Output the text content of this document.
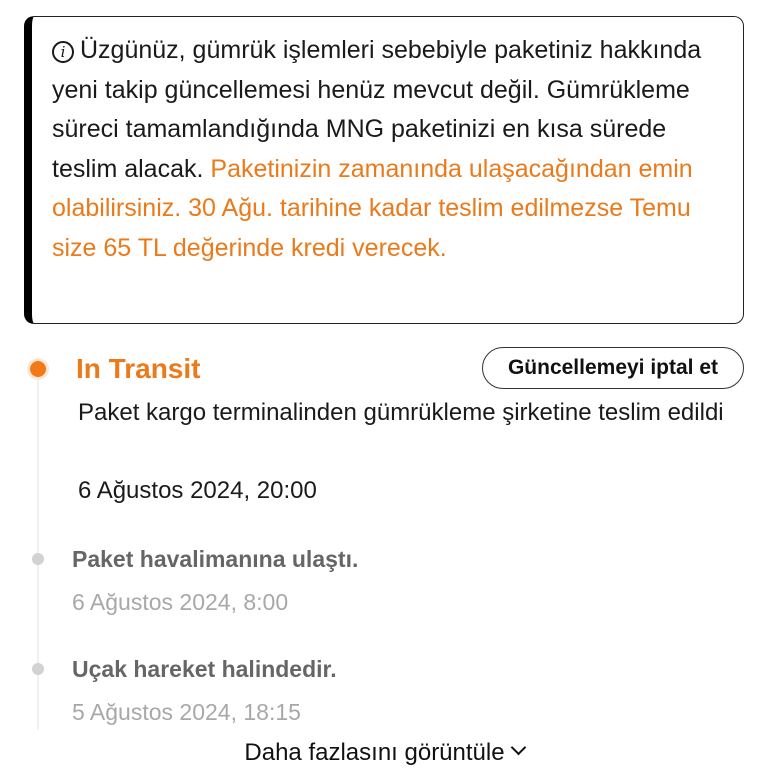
i Üzgünüz, gümrük işlemleri sebebiyle paketiniz hakkında yeni takip güncellemesi henüz mevcut değil. Gümrükleme süreci tamamlandığında MNG paketinizi en kısa sürede teslim alacak. Paketinizin zamanında ulaşacağından emin olabilirsiniz. 30 Ağu. tarihine kadar teslim edilmezse Temu size 65 TL değerinde kredi verecek.
In Transit	Güncellemeyi iptal et
Paket kargo terminalinden gümrükleme şirketine teslim edildi
6 Ağustos 2024, 20:00
Paket havalimanına ulaştı.
6 Ağustos 2024, 8:00
Uçak hareket halindedir.
5 Ağustos 2024, 18:15
Daha fazlasını görüntüle
